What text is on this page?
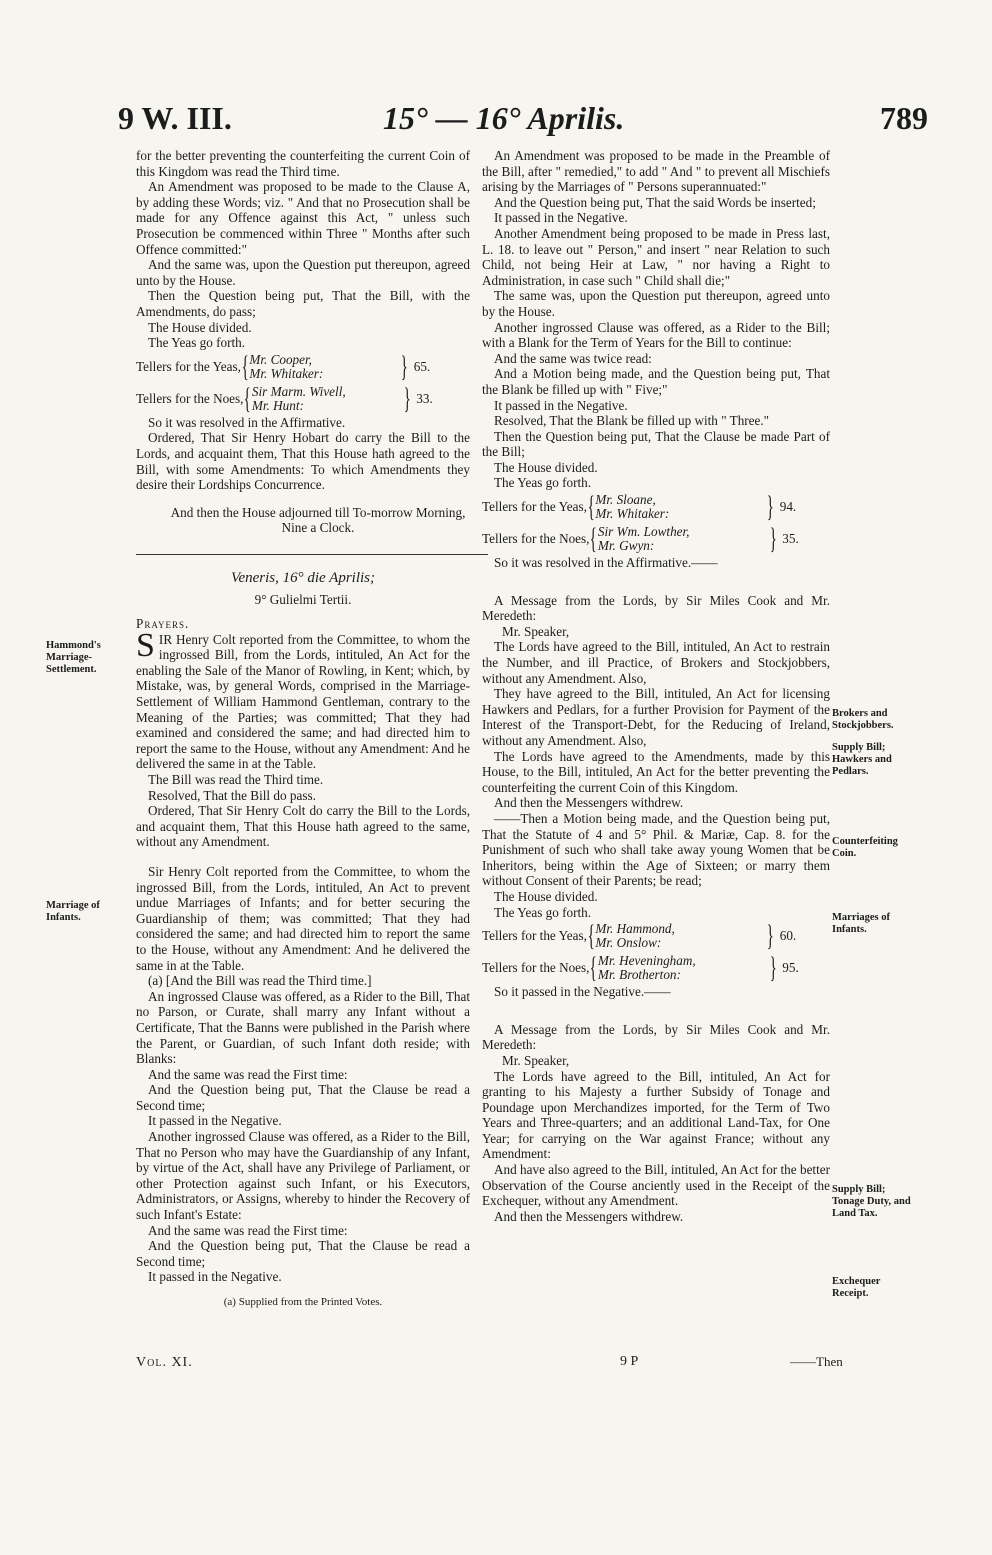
9 W. III.	15° — 16° Aprilis.	789

for the better preventing the counterfeiting the current Coin of this Kingdom was read the Third time.

An Amendment was proposed to be made to the Clause A, by adding these Words; viz. " And that no Prosecution shall be made for any Offence against this Act, " unless such Prosecution be commenced within Three " Months after such Offence committed:"

And the same was, upon the Question put thereupon, agreed unto by the House.

Then the Question being put, That the Bill, with the Amendments, do pass;

The House divided.

The Yeas go forth.

Tellers for the Yeas, { Mr. Cooper,
Mr. Whitaker:	} 65.
Tellers for the Noes, { Sir Marm. Wivell,
Mr. Hunt:	} 33.

So it was resolved in the Affirmative.

Ordered, That Sir Henry Hobart do carry the Bill to the Lords, and acquaint them, That this House hath agreed to the Bill, with some Amendments: To which Amendments they desire their Lordships Concurrence.

And then the House adjourned till To-morrow Morning, Nine a Clock.

Veneris, 16° die Aprilis;

9° Gulielmi Tertii.

Prayers.

SIR Henry Colt reported from the Committee, to whom the ingrossed Bill, from the Lords, intituled, An Act for the enabling the Sale of the Manor of Rowling, in Kent; which, by Mistake, was, by general Words, comprised in the Marriage-Settlement of William Hammond Gentleman, contrary to the Meaning of the Parties; was committed; That they had examined and considered the same; and had directed him to report the same to the House, without any Amendment: And he delivered the same in at the Table.

The Bill was read the Third time.

Resolved, That the Bill do pass.

Ordered, That Sir Henry Colt do carry the Bill to the Lords, and acquaint them, That this House hath agreed to the same, without any Amendment.

Sir Henry Colt reported from the Committee, to whom the ingrossed Bill, from the Lords, intituled, An Act to prevent undue Marriages of Infants; and for better securing the Guardianship of them; was committed; That they had considered the same; and had directed him to report the same to the House, without any Amendment: And he delivered the same in at the Table.

(a) [And the Bill was read the Third time.]

An ingrossed Clause was offered, as a Rider to the Bill, That no Parson, or Curate, shall marry any Infant without a Certificate, That the Banns were published in the Parish where the Parent, or Guardian, of such Infant doth reside; with Blanks:

And the same was read the First time:

And the Question being put, That the Clause be read a Second time;

It passed in the Negative.

Another ingrossed Clause was offered, as a Rider to the Bill, That no Person who may have the Guardianship of any Infant, by virtue of the Act, shall have any Privilege of Parliament, or other Protection against such Infant, or his Executors, Administrators, or Assigns, whereby to hinder the Recovery of such Infant's Estate:

And the same was read the First time:

And the Question being put, That the Clause be read a Second time;

It passed in the Negative.

(a) Supplied from the Printed Votes.

An Amendment was proposed to be made in the Preamble of the Bill, after " remedied," to add " And " to prevent all Mischiefs arising by the Marriages of " Persons superannuated:"

And the Question being put, That the said Words be inserted;

It passed in the Negative.

Another Amendment being proposed to be made in Press last, L. 18. to leave out " Person," and insert " near Relation to such Child, not being Heir at Law, " nor having a Right to Administration, in case such " Child shall die;"

The same was, upon the Question put thereupon, agreed unto by the House.

Another ingrossed Clause was offered, as a Rider to the Bill; with a Blank for the Term of Years for the Bill to continue:

And the same was twice read:

And a Motion being made, and the Question being put, That the Blank be filled up with " Five;"

It passed in the Negative.

Resolved, That the Blank be filled up with " Three."

Then the Question being put, That the Clause be made Part of the Bill;

The House divided.

The Yeas go forth.

Tellers for the Yeas, { Mr. Sloane,
Mr. Whitaker:	} 94.
Tellers for the Noes, { Sir Wm. Lowther,
Mr. Gwyn:	} 35.

So it was resolved in the Affirmative.——

A Message from the Lords, by Sir Miles Cook and Mr. Meredeth:

Mr. Speaker,

The Lords have agreed to the Bill, intituled, An Act to restrain the Number, and ill Practice, of Brokers and Stockjobbers, without any Amendment. Also,

They have agreed to the Bill, intituled, An Act for licensing Hawkers and Pedlars, for a further Provision for Payment of the Interest of the Transport-Debt, for the Reducing of Ireland, without any Amendment. Also,

The Lords have agreed to the Amendments, made by this House, to the Bill, intituled, An Act for the better preventing the counterfeiting the current Coin of this Kingdom.

And then the Messengers withdrew.

——Then a Motion being made, and the Question being put, That the Statute of 4 and 5° Phil. & Mariæ, Cap. 8. for the Punishment of such who shall take away young Women that be Inheritors, being within the Age of Sixteen; or marry them without Consent of their Parents; be read;

The House divided.

The Yeas go forth.

Tellers for the Yeas, { Mr. Hammond,
Mr. Onslow:	} 60.
Tellers for the Noes, { Mr. Heveningham,
Mr. Brotherton:	} 95.

So it passed in the Negative.——

A Message from the Lords, by Sir Miles Cook and Mr. Meredeth:

Mr. Speaker,

The Lords have agreed to the Bill, intituled, An Act for granting to his Majesty a further Subsidy of Tonage and Poundage upon Merchandizes imported, for the Term of Two Years and Three-quarters; and an additional Land-Tax, for One Year; for carrying on the War against France; without any Amendment:

And have also agreed to the Bill, intituled, An Act for the better Observation of the Course anciently used in the Receipt of the Exchequer, without any Amendment.

And then the Messengers withdrew.

Hammond's Marriage-Settlement.
Marriage of Infants.
Brokers and Stockjobbers.
Supply Bill; Hawkers and Pedlars.
Counterfeiting Coin.
Marriages of Infants.
Supply Bill; Tonage Duty, and Land Tax.
Exchequer Receipt.
Vol. XI.	9 P	——Then
